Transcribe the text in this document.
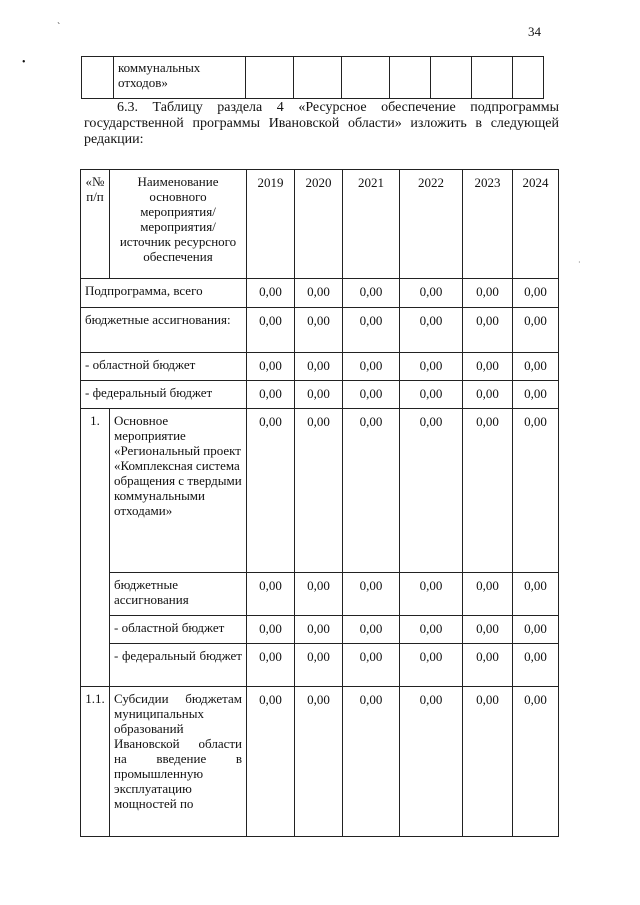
`
•
34
	коммунальных
отходов»							
6.3. Таблицу раздела 4 «Ресурсное обеспечение подпрограммы
государственной программы Ивановской области» изложить в следующей
редакции:
«№ п/п	Наименование основного мероприятия/ мероприятия/ источник ресурсного обеспечения	2019	2020	2021	2022	2023	2024
Подпрограмма, всего		0,00	0,00	0,00	0,00	0,00	0,00
бюджетные ассигнования:		0,00	0,00	0,00	0,00	0,00	0,00
- областной бюджет		0,00	0,00	0,00	0,00	0,00	0,00
- федеральный бюджет		0,00	0,00	0,00	0,00	0,00	0,00
1.	Основное мероприятие «Региональный проект «Комплексная система обращения с твердыми коммунальными отходами»	0,00	0,00	0,00	0,00	0,00	0,00
	бюджетные ассигнования	0,00	0,00	0,00	0,00	0,00	0,00
	- областной бюджет	0,00	0,00	0,00	0,00	0,00	0,00
	- федеральный бюджет	0,00	0,00	0,00	0,00	0,00	0,00
1.1.	Субсидии бюджетам муниципальных образований Ивановской области на введение в промышленную эксплуатацию мощностей по	0,00	0,00	0,00	0,00	0,00	0,00
·
